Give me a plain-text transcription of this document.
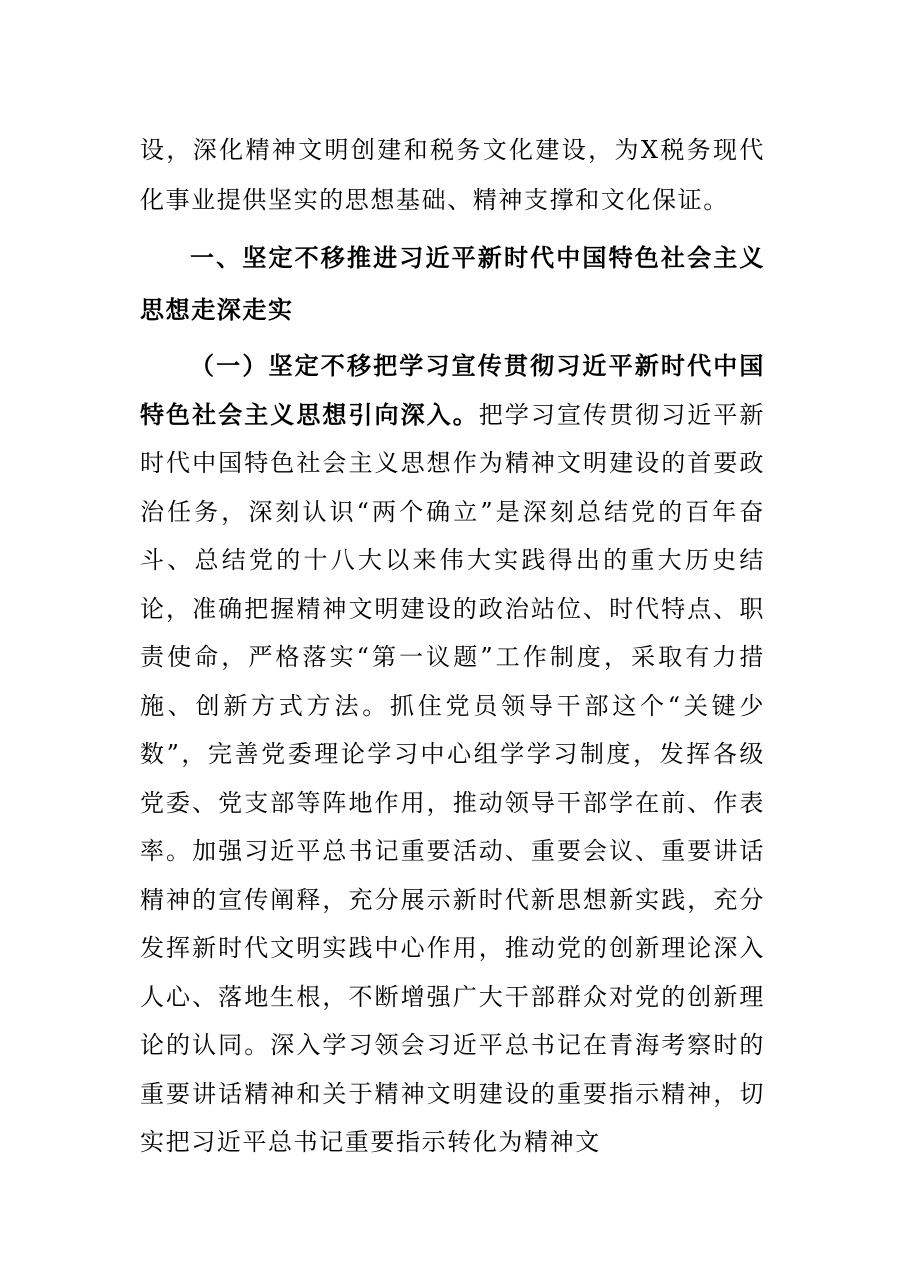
设，深化精神文明创建和税务文化建设，为X税务现代化事业提供坚实的思想基础、精神支撑和文化保证。

一、坚定不移推进习近平新时代中国特色社会主义思想走深走实

（一）坚定不移把学习宣传贯彻习近平新时代中国特色社会主义思想引向深入。把学习宣传贯彻习近平新时代中国特色社会主义思想作为精神文明建设的首要政治任务，深刻认识“两个确立”是深刻总结党的百年奋斗、总结党的十八大以来伟大实践得出的重大历史结论，准确把握精神文明建设的政治站位、时代特点、职责使命，严格落实“第一议题”工作制度，采取有力措施、创新方式方法。抓住党员领导干部这个“关键少数”，完善党委理论学习中心组学学习制度，发挥各级党委、党支部等阵地作用，推动领导干部学在前、作表率。加强习近平总书记重要活动、重要会议、重要讲话精神的宣传阐释，充分展示新时代新思想新实践，充分发挥新时代文明实践中心作用，推动党的创新理论深入人心、落地生根，不断增强广大干部群众对党的创新理论的认同。深入学习领会习近平总书记在青海考察时的重要讲话精神和关于精神文明建设的重要指示精神，切实把习近平总书记重要指示转化为精神文
